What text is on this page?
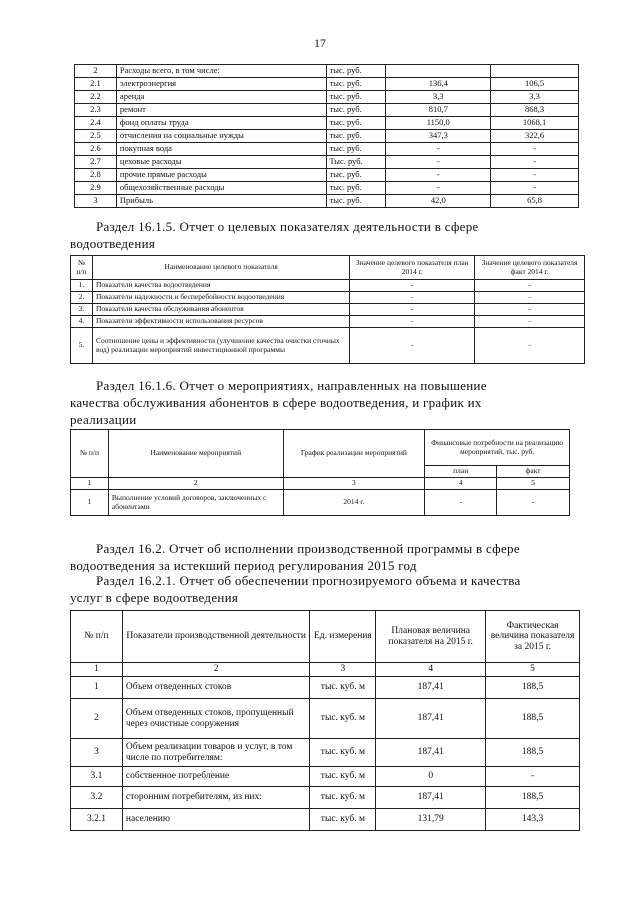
17
2	Расходы всего, в том числе:	тыс. руб.		
2.1	электроэнергия	тыс. руб.	136,4	106,5
2.2	аренда	тыс. руб.	3,3	3,3
2.3	ремонт	тыс. руб.	810,7	868,3
2.4	фонд оплаты труда	тыс. руб.	1150,0	1068,1
2.5	отчисления на социальные нужды	тыс. руб.	347,3	322,6
2.6	покупная вода	тыс. руб.	-	-
2.7	цеховые расходы	Тыс. руб.	-	-
2.8	прочие прямые расходы	тыс. руб.	-	-
2.9	общехозяйственные расходы	тыс. руб.	-	-
3	Прибыль	тыс. руб.	42,0	65,8
Раздел 16.1.5. Отчет о целевых показателях деятельности в сфере
водоотведения
№ п/п	Наименование целевого показателя	Значение целевого показателя план 2014 г.	Значение целевого показателя факт 2014 г.
1.	Показатели качества водоотведения	-	-
2.	Показатели надежности и бесперебойности водоотведения	-	-
3.	Показатели качества обслуживания абонентов	-	-
4.	Показатели эффективности использования ресурсов	-	-
5.	Соотношение цены и эффективности (улучшение качества очистки сточных вод) реализации мероприятий инвестиционной программы	-	-
Раздел 16.1.6. Отчет о мероприятиях, направленных на повышение
качества обслуживания абонентов в сфере водоотведения, и график их
реализации
№ п/п	Наименование мероприятий	График реализации мероприятий	Финансовые потребности на реализацию мероприятий, тыс. руб.	
			план	факт
1	2	3	4	5
1	Выполнение условий договоров, заключенных с абонентами	2014 г.	-	-
Раздел 16.2. Отчет об исполнении производственной программы в сфере
водоотведения за истекший период регулирования 2015 год
Раздел 16.2.1. Отчет об обеспечении прогнозируемого объема и качества
услуг в сфере водоотведения
№ п/п	Показатели производственной деятельности	Ед. измерения	Плановая величина показателя на 2015 г.	Фактическая величина показателя за 2015 г.
1	2	3	4	5
1	Объем отведенных стоков	тыс. куб. м	187,41	188,5
2	Объем отведенных стоков, пропущенный через очистные сооружения	тыс. куб. м	187,41	188,5
3	Объем реализации товаров и услуг, в том числе по потребителям:	тыс. куб. м	187,41	188,5
3.1	собственное потребление	тыс. куб. м	0	-
3.2	сторонним потребителям, из них:	тыс. куб. м	187,41	188,5
3.2.1	населению	тыс. куб. м	131,79	143,3
